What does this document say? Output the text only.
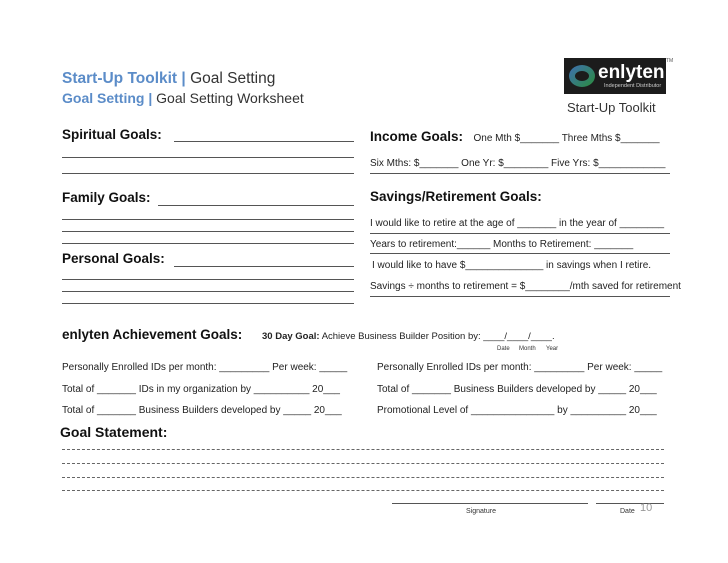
Start-Up Toolkit | Goal Setting
Goal Setting | Goal Setting Worksheet
enlyten
Independent Distributor
TM
Start-Up Toolkit
Spiritual Goals:
Family Goals:
Personal Goals:
Income Goals: One Mth $_______ Three Mths $_______
Six Mths: $_______ One Yr: $________ Five Yrs: $____________
Savings/Retirement Goals:
I would like to retire at the age of _______ in the year of ________
Years to retirement:______ Months to Retirement: _______
I would like to have $______________ in savings when I retire.
Savings ÷ months to retirement = $________/mth saved for retirement
enlyten Achievement Goals: 30 Day Goal: Achieve Business Builder Position by: ____/____/____.
Date Month Year
Personally Enrolled IDs per month: _________ Per week: _____
Total of _______ IDs in my organization by __________ 20___
Total of _______ Business Builders developed by _____ 20___
Personally Enrolled IDs per month: _________ Per week: _____
Total of _______ Business Builders developed by _____ 20___
Promotional Level of _______________ by __________ 20___
Goal Statement:
Signature	Date 10
